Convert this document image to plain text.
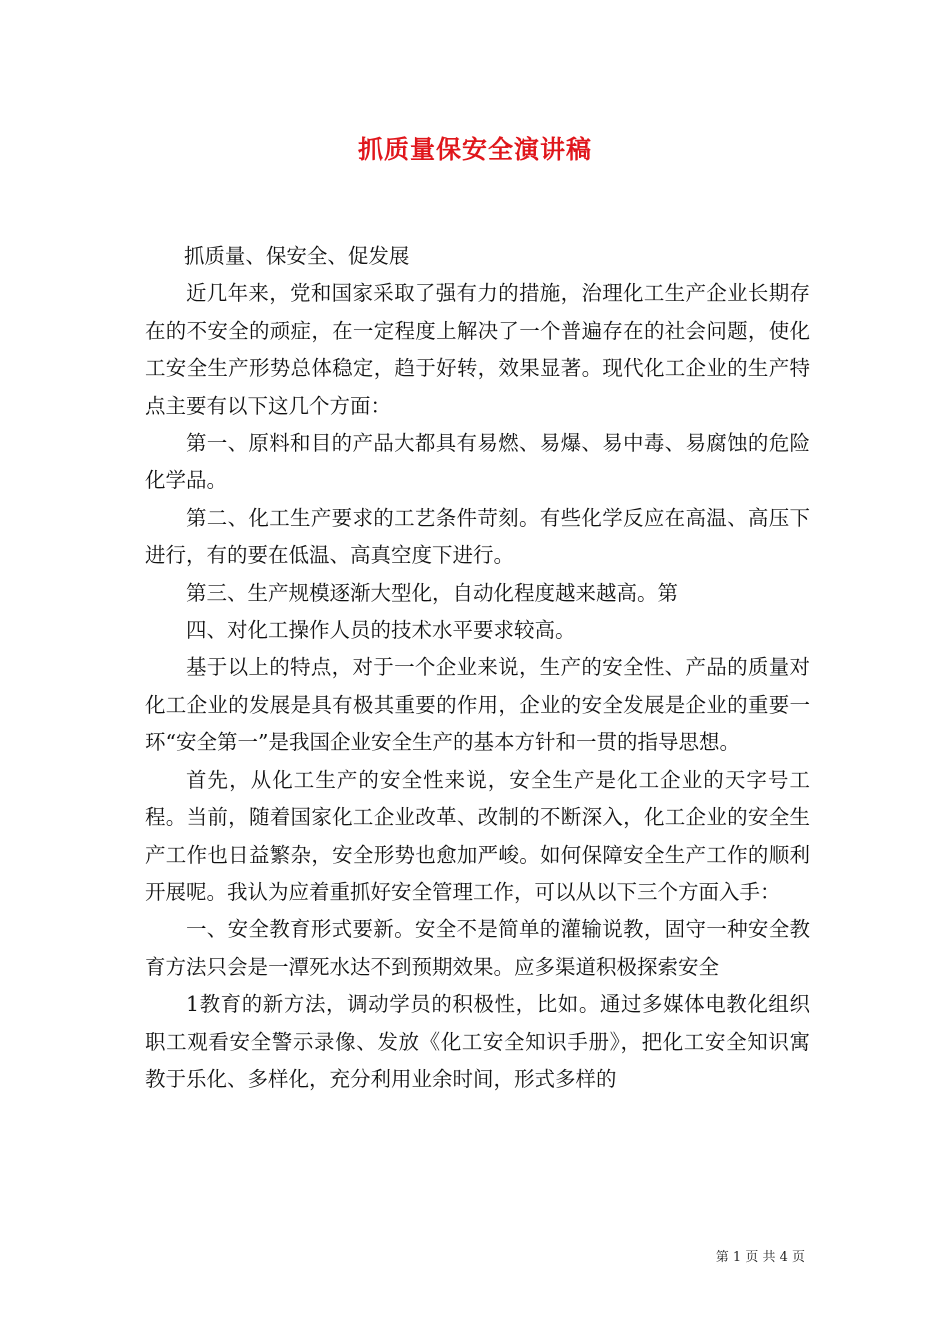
抓质量保安全演讲稿

抓质量、保安全、促发展

近几年来，党和国家采取了强有力的措施，治理化工生产企业长期存在的不安全的顽症，在一定程度上解决了一个普遍存在的社会问题，使化工安全生产形势总体稳定，趋于好转，效果显著。现代化工企业的生产特点主要有以下这几个方面：

第一、原料和目的产品大都具有易燃、易爆、易中毒、易腐蚀的危险化学品。

第二、化工生产要求的工艺条件苛刻。有些化学反应在高温、高压下进行，有的要在低温、高真空度下进行。

第三、生产规模逐渐大型化，自动化程度越来越高。第

四、对化工操作人员的技术水平要求较高。

基于以上的特点，对于一个企业来说，生产的安全性、产品的质量对化工企业的发展是具有极其重要的作用，企业的安全发展是企业的重要一环“安全第一”是我国企业安全生产的基本方针和一贯的指导思想。

首先，从化工生产的安全性来说，安全生产是化工企业的天字号工程。当前，随着国家化工企业改革、改制的不断深入，化工企业的安全生产工作也日益繁杂，安全形势也愈加严峻。如何保障安全生产工作的顺利开展呢。我认为应着重抓好安全管理工作，可以从以下三个方面入手：

一、安全教育形式要新。安全不是简单的灌输说教，固守一种安全教育方法只会是一潭死水达不到预期效果。应多渠道积极探索安全

1教育的新方法，调动学员的积极性，比如。通过多媒体电教化组织职工观看安全警示录像、发放《化工安全知识手册》，把化工安全知识寓教于乐化、多样化，充分利用业余时间，形式多样的

第 1 页 共 4 页
